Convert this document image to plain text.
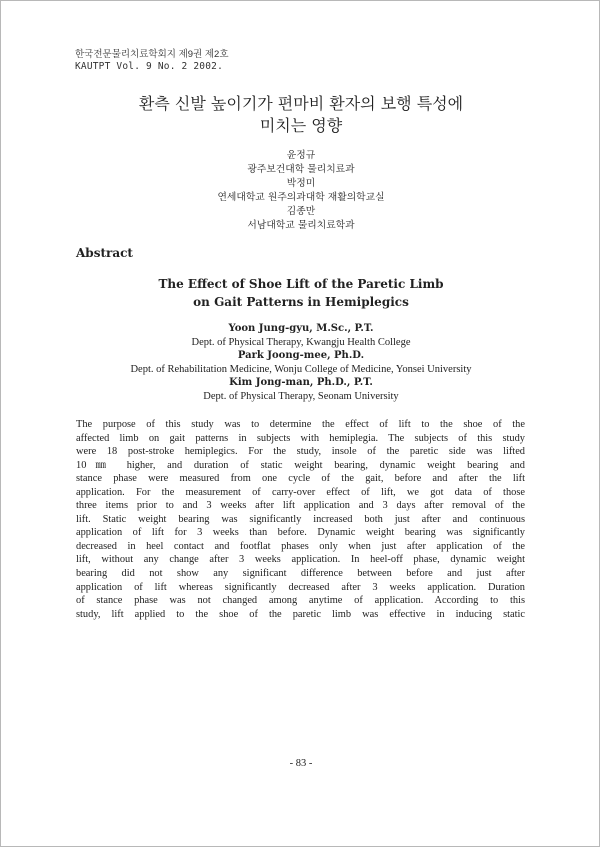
한국전문물리치료학회지 제9권 제2호
KAUTPT Vol. 9 No. 2 2002.
환측 신발 높이기가 편마비 환자의 보행 특성에
미치는 영향
윤정규
광주보건대학 물리치료과
박정미
연세대학교 원주의과대학 재활의학교실
김종만
서남대학교 물리치료학과
Abstract
The Effect of Shoe Lift of the Paretic Limb
on Gait Patterns in Hemiplegics
Yoon Jung-gyu, M.Sc., P.T.
Dept. of Physical Therapy, Kwangju Health College
Park Joong-mee, Ph.D.
Dept. of Rehabilitation Medicine, Wonju College of Medicine, Yonsei University
Kim Jong-man, Ph.D., P.T.
Dept. of Physical Therapy, Seonam University
The purpose of this study was to determine the effect of lift to the shoe of the
affected limb on gait patterns in subjects with hemiplegia. The subjects of this study
were 18 post-stroke hemiplegics. For the study, insole of the paretic side was lifted
10㎜ higher, and duration of static weight bearing, dynamic weight bearing and
stance phase were measured from one cycle of the gait, before and after the lift
application. For the measurement of carry-over effect of lift, we got data of those
three items prior to and 3 weeks after lift application and 3 days after removal of the
lift. Static weight bearing was significantly increased both just after and continuous
application of lift for 3 weeks than before. Dynamic weight bearing was significantly
decreased in heel contact and footflat phases only when just after application of the
lift, without any change after 3 weeks application. In heel-off phase, dynamic weight
bearing did not show any significant difference between before and just after
application of lift whereas significantly decreased after 3 weeks application. Duration
of stance phase was not changed among anytime of application. According to this
study, lift applied to the shoe of the paretic limb was effective in inducing static
- 83 -
